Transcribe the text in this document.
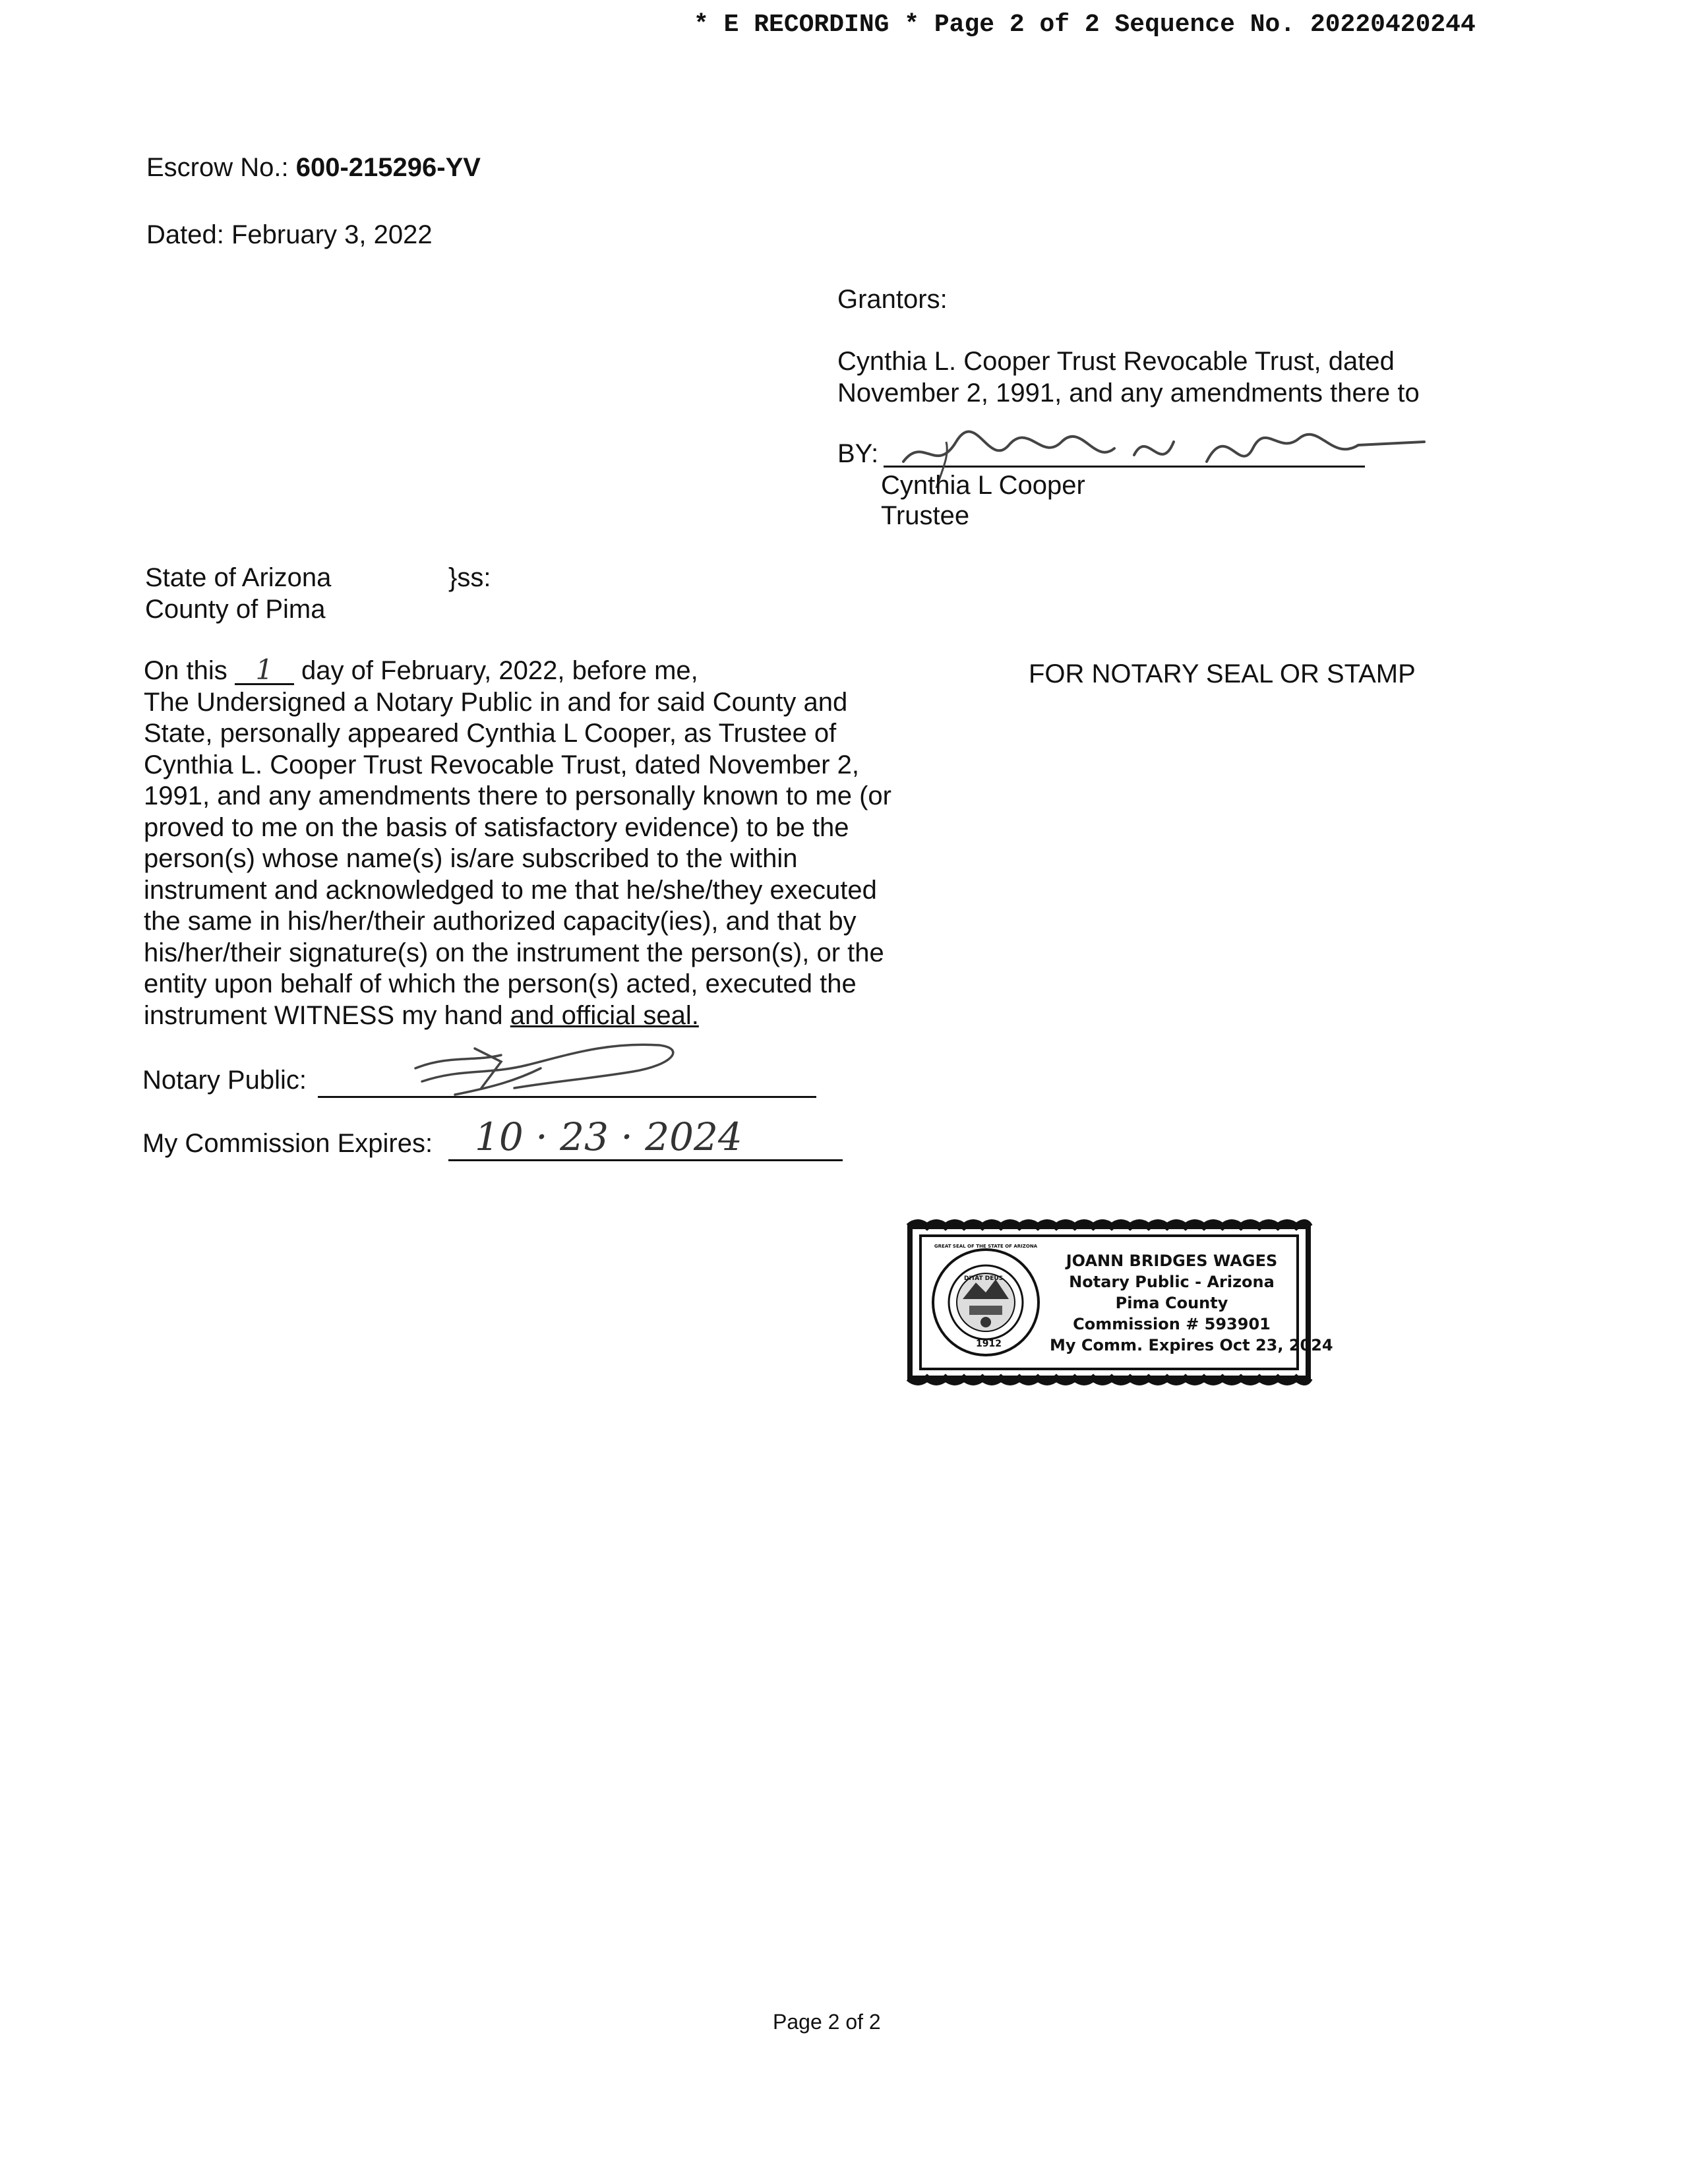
* E RECORDING * Page 2 of 2 Sequence No. 20220420244
Escrow No.: 600-215296-YV
Dated: February 3, 2022
Grantors:
Cynthia L. Cooper Trust Revocable Trust, dated
November 2, 1991, and any amendments there to
BY:
Cynthia L Cooper
Trustee
State of Arizona	}ss:
County of Pima
On this 1 day of February, 2022, before me,
The Undersigned a Notary Public in and for said County and
State, personally appeared Cynthia L Cooper, as Trustee of
Cynthia L. Cooper Trust Revocable Trust, dated November 2,
1991, and any amendments there to personally known to me (or
proved to me on the basis of satisfactory evidence) to be the
person(s) whose name(s) is/are subscribed to the within
instrument and acknowledged to me that he/she/they executed
the same in his/her/their authorized capacity(ies), and that by
his/her/their signature(s) on the instrument the person(s), or the
entity upon behalf of which the person(s) acted, executed the
instrument WITNESS my hand and official seal.
FOR NOTARY SEAL OR STAMP
Notary Public:
My Commission Expires: 10 · 23 · 2024
DITAT DEUS
GREAT SEAL OF THE STATE OF ARIZONA
1912
JOANN BRIDGES WAGES
Notary Public - Arizona
Pima County
Commission # 593901
My Comm. Expires Oct 23, 2024
Page 2 of 2
